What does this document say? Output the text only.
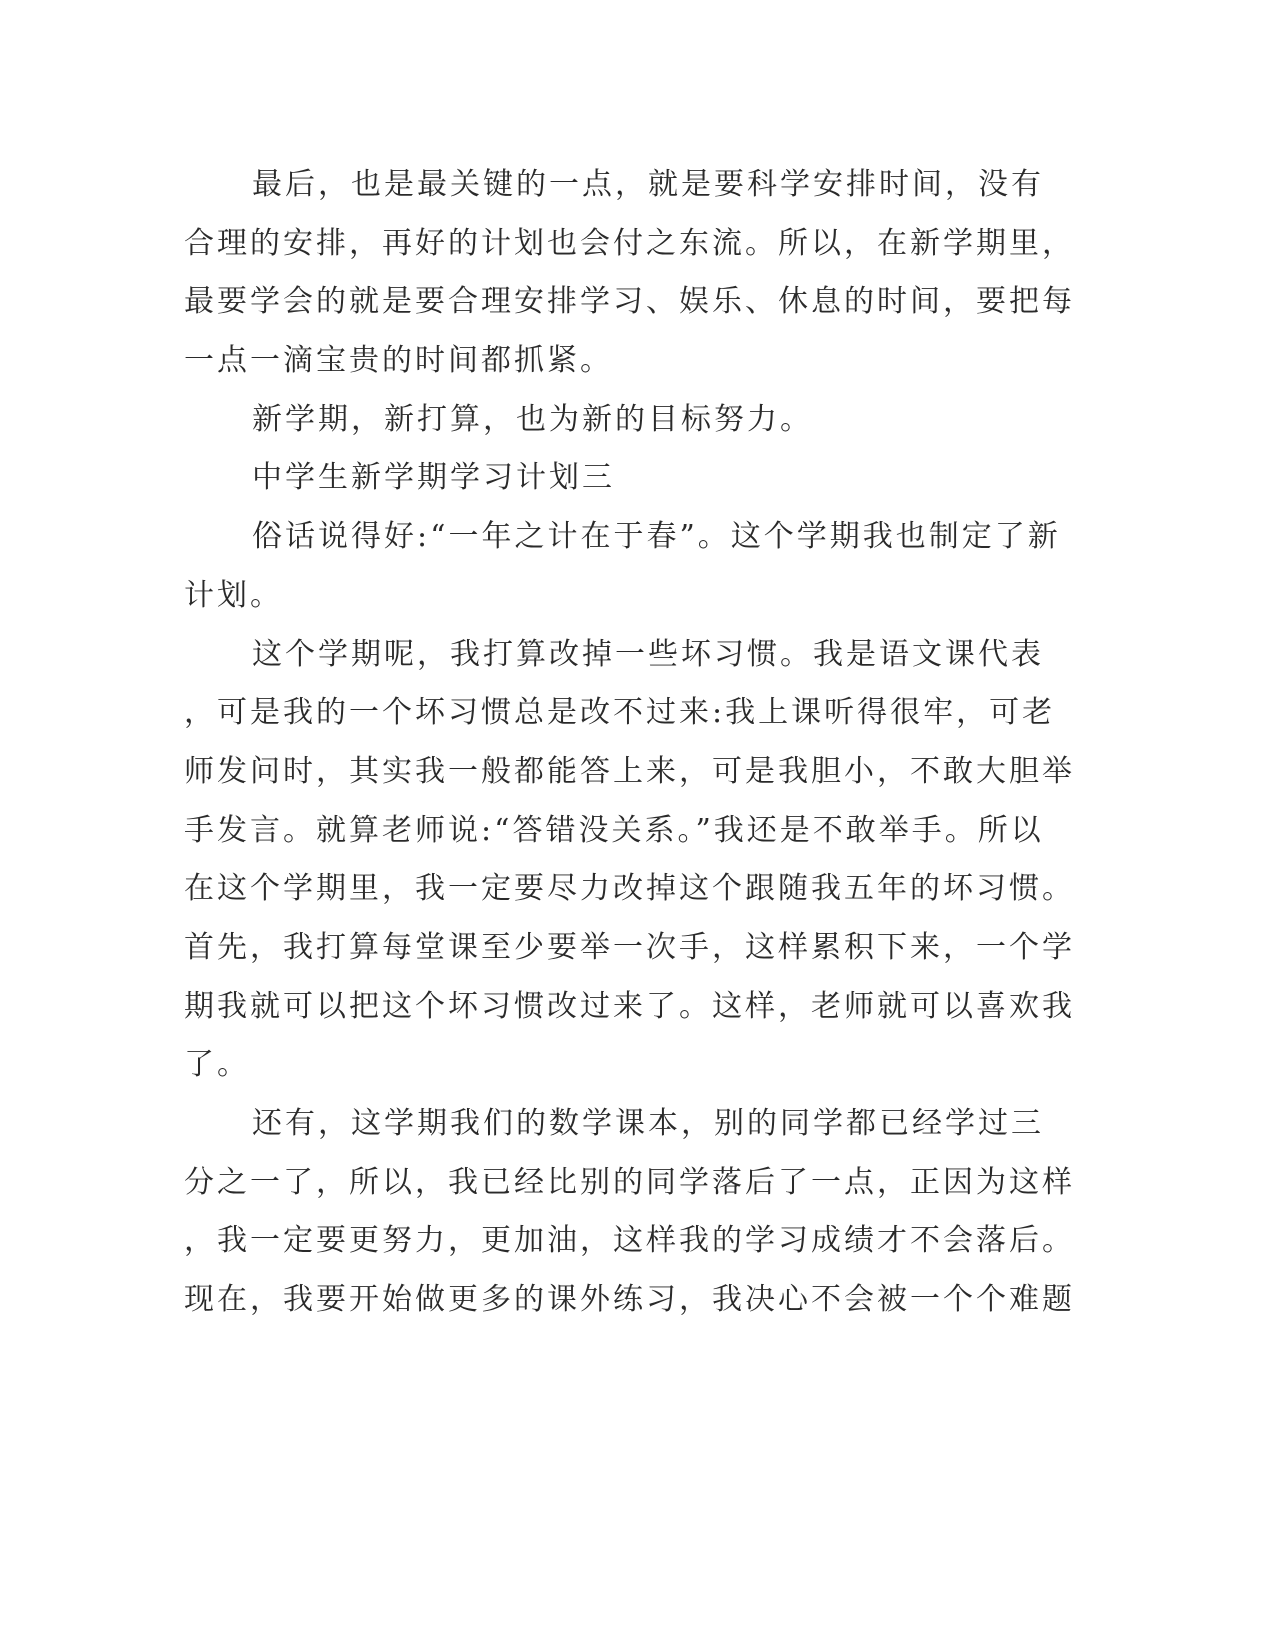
最后，也是最关键的一点，就是要科学安排时间，没有
合理的安排，再好的计划也会付之东流。所以，在新学期里，
最要学会的就是要合理安排学习、娱乐、休息的时间，要把每
一点一滴宝贵的时间都抓紧。
新学期，新打算，也为新的目标努力。
中学生新学期学习计划三
俗话说得好:“一年之计在于春”。这个学期我也制定了新
计划。
这个学期呢，我打算改掉一些坏习惯。我是语文课代表
，可是我的一个坏习惯总是改不过来:我上课听得很牢，可老
师发问时，其实我一般都能答上来，可是我胆小，不敢大胆举
手发言。就算老师说:“答错没关系。”我还是不敢举手。所以
在这个学期里，我一定要尽力改掉这个跟随我五年的坏习惯。
首先，我打算每堂课至少要举一次手，这样累积下来，一个学
期我就可以把这个坏习惯改过来了。这样，老师就可以喜欢我
了。
还有，这学期我们的数学课本，别的同学都已经学过三
分之一了，所以，我已经比别的同学落后了一点，正因为这样
，我一定要更努力，更加油，这样我的学习成绩才不会落后。
现在，我要开始做更多的课外练习，我决心不会被一个个难题
